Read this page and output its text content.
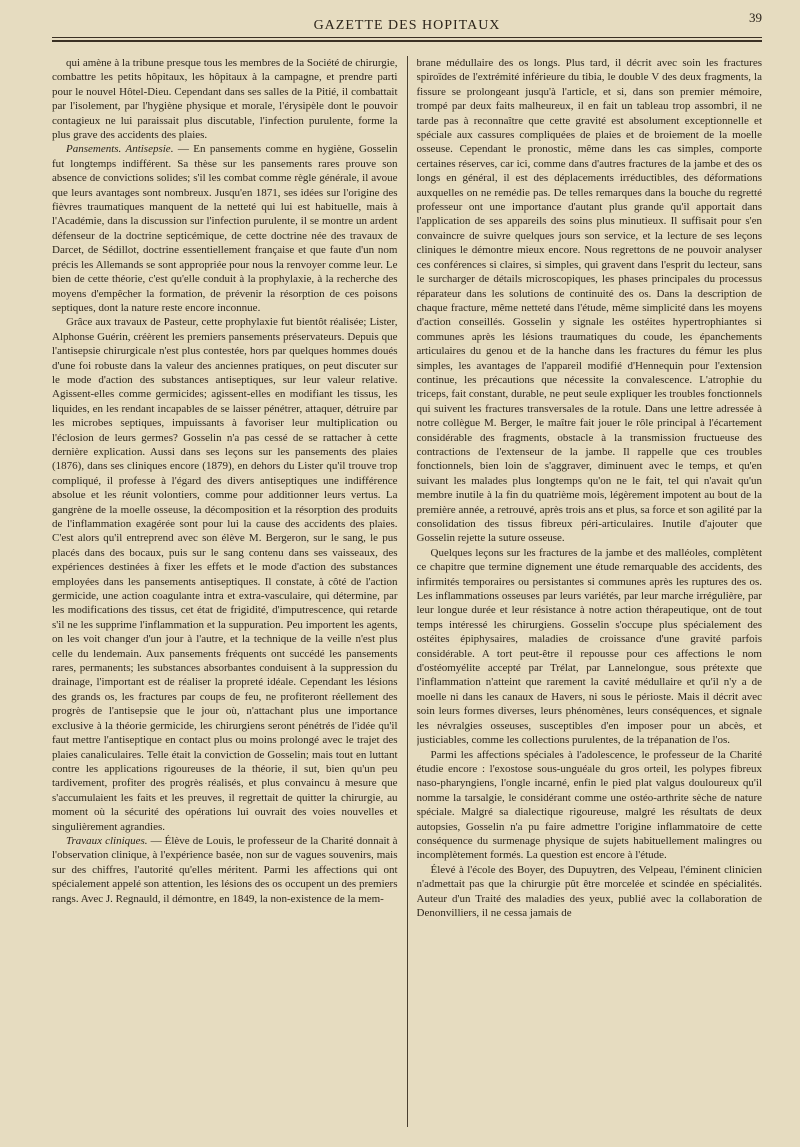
GAZETTE DES HOPITAUX
39

qui amène à la tribune presque tous les membres de la Société de chirurgie, combattre les petits hôpitaux, les hôpitaux à la campagne, et prendre parti pour le nouvel Hôtel-Dieu. Cependant dans ses salles de la Pitié, il combattait par l'isolement, par l'hygiène physique et morale, l'érysipèle dont le pouvoir contagieux ne lui paraissait plus discutable, l'infection purulente, forme la plus grave des accidents des plaies.

Pansements. Antisepsie. — En pansements comme en hygiène, Gosselin fut longtemps indifférent. Sa thèse sur les pansements rares prouve son absence de convictions solides; s'il les combat comme règle générale, il avoue que leurs avantages sont nombreux. Jusqu'en 1871, ses idées sur l'origine des fièvres traumatiques manquent de la netteté qui lui est habituelle, mais à l'Académie, dans la discussion sur l'infection purulente, il se montre un ardent défenseur de la doctrine septicémique, de cette doctrine née des travaux de Darcet, de Sédillot, doctrine essentiellement française et que faute d'un nom précis les Allemands se sont appropriée pour nous la renvoyer comme leur. Le bien de cette théorie, c'est qu'elle conduit à la prophylaxie, à la recherche des moyens d'empêcher la formation, de prévenir la résorption de ces poisons septiques, dont la nature reste encore inconnue.

Grâce aux travaux de Pasteur, cette prophylaxie fut bientôt réalisée; Lister, Alphonse Guérin, créèrent les premiers pansements préservateurs. Depuis que l'antisepsie chirurgicale n'est plus contestée, hors par quelques hommes doués d'une foi robuste dans la valeur des anciennes pratiques, on peut discuter sur le mode d'action des substances antiseptiques, sur leur valeur relative. Agissent-elles comme germicides; agissent-elles en modifiant les tissus, les liquides, en les rendant incapables de se laisser pénétrer, attaquer, détruire par les microbes septiques, impuissants à favoriser leur multiplication ou l'éclosion de leurs germes? Gosselin n'a pas cessé de se rattacher à cette dernière explication. Aussi dans ses leçons sur les pansements des plaies (1876), dans ses cliniques encore (1879), en dehors du Lister qu'il trouve trop compliqué, il professe à l'égard des divers antiseptiques une indifférence absolue et les réunit volontiers, comme pour additionner leurs vertus. La gangrène de la moelle osseuse, la décomposition et la résorption des produits de l'inflammation exagérée sont pour lui la cause des accidents des plaies. C'est alors qu'il entreprend avec son élève M. Bergeron, sur le sang, le pus placés dans des bocaux, puis sur le sang contenu dans ses vaisseaux, des expériences destinées à fixer les effets et le mode d'action des substances employées dans les pansements antiseptiques. Il constate, à côté de l'action germicide, une action coagulante intra et extra-vasculaire, qui détermine, par les modifications des tissus, cet état de frigidité, d'imputrescence, qui retarde s'il ne les supprime l'inflammation et la suppuration. Peu importent les agents, on les voit changer d'un jour à l'autre, et la technique de la veille n'est plus celle du lendemain. Aux pansements fréquents ont succédé les pansements rares, permanents; les substances absorbantes conduisent à la suppression du drainage, l'important est de réaliser la propreté idéale. Cependant les lésions des grands os, les fractures par coups de feu, ne profiteront réellement des progrès de l'antisepsie que le jour où, n'attachant plus une importance exclusive à la théorie germicide, les chirurgiens seront pénétrés de l'idée qu'il faut mettre l'antiseptique en contact plus ou moins prolongé avec le trajet des plaies canaliculaires. Telle était la conviction de Gosselin; mais tout en luttant contre les applications rigoureuses de la théorie, il sut, bien qu'un peu tardivement, profiter des progrès réalisés, et plus convaincu à mesure que s'accumulaient les faits et les preuves, il regrettait de quitter la chirurgie, au moment où la sécurité des opérations lui ouvrait des voies nouvelles et singulièrement agrandies.

Travaux cliniques. — Élève de Louis, le professeur de la Charité donnait à l'observation clinique, à l'expérience basée, non sur de vagues souvenirs, mais sur des chiffres, l'autorité qu'elles méritent. Parmi les affections qui ont spécialement appelé son attention, les lésions des os occupent un des premiers rangs. Avec J. Regnauld, il démontre, en 1849, la non-existence de la mem-

brane médullaire des os longs. Plus tard, il décrit avec soin les fractures spiroïdes de l'extrémité inférieure du tibia, le double V des deux fragments, la fissure se prolongeant jusqu'à l'article, et si, dans son premier mémoire, trompé par deux faits malheureux, il en fait un tableau trop assombri, il ne tarde pas à reconnaître que cette gravité est absolument exceptionnelle et spéciale aux cassures compliquées de plaies et de broiement de la moelle osseuse. Cependant le pronostic, même dans les cas simples, comporte certaines réserves, car ici, comme dans d'autres fractures de la jambe et des os longs en général, il est des déplacements irréductibles, des déformations auxquelles on ne remédie pas. De telles remarques dans la bouche du regretté professeur ont une importance d'autant plus grande qu'il apportait dans l'application de ses appareils des soins plus minutieux. Il suffisait pour s'en convaincre de suivre quelques jours son service, et la lecture de ses leçons cliniques le démontre mieux encore. Nous regrettons de ne pouvoir analyser ces conférences si claires, si simples, qui gravent dans l'esprit du lecteur, sans le surcharger de détails microscopiques, les phases principales du processus réparateur dans les solutions de continuité des os. Dans la description de chaque fracture, même netteté dans l'étude, même simplicité dans les moyens d'action conseillés. Gosselin y signale les ostéites hypertrophiantes si communes après les lésions traumatiques du coude, les épanchements articulaires du genou et de la hanche dans les fractures du fémur les plus simples, les avantages de l'appareil modifié d'Hennequin pour l'extension continue, les précautions que nécessite la convalescence. L'atrophie du triceps, fait constant, durable, ne peut seule expliquer les troubles fonctionnels qui suivent les fractures transversales de la rotule. Dans une lettre adressée à notre collègue M. Berger, le maître fait jouer le rôle principal à l'écartement considérable des fragments, obstacle à la transmission fructueuse des contractions de l'extenseur de la jambe. Il rappelle que ces troubles fonctionnels, bien loin de s'aggraver, diminuent avec le temps, et qu'en suivant les malades plus longtemps qu'on ne le fait, tel qui n'avait qu'un membre inutile à la fin du quatrième mois, légèrement impotent au bout de la première année, a retrouvé, après trois ans et plus, sa force et son agilité par la consolidation des tissus fibreux péri-articulaires. Inutile d'ajouter que Gosselin rejette la suture osseuse.

Quelques leçons sur les fractures de la jambe et des malléoles, complètent ce chapitre que termine dignement une étude remarquable des accidents, des infirmités temporaires ou persistantes si communes après les ruptures des os. Les inflammations osseuses par leurs variétés, par leur marche irrégulière, par leur longue durée et leur résistance à notre action thérapeutique, ont de tout temps intéressé les chirurgiens. Gosselin s'occupe plus spécialement des ostéites épiphysaires, maladies de croissance d'une gravité parfois considérable. A tort peut-être il repousse pour ces affections le nom d'ostéomyélite accepté par Trélat, par Lannelongue, sous prétexte que l'inflammation n'atteint que rarement la cavité médullaire et qu'il n'y a de moelle ni dans les canaux de Havers, ni sous le périoste. Mais il décrit avec soin leurs formes diverses, leurs phénomènes, leurs conséquences, et signale les névralgies osseuses, susceptibles d'en imposer pour un abcès, et justiciables, comme les collections purulentes, de la trépanation de l'os.

Parmi les affections spéciales à l'adolescence, le professeur de la Charité étudie encore : l'exostose sous-unguéale du gros orteil, les polypes fibreux naso-pharyngiens, l'ongle incarné, enfin le pied plat valgus douloureux qu'il nomme la tarsalgie, le considérant comme une ostéo-arthrite sèche de nature spéciale. Malgré sa dialectique rigoureuse, malgré les résultats de deux autopsies, Gosselin n'a pu faire admettre l'origine inflammatoire de cette conséquence du surmenage physique de sujets habituellement malingres ou incomplètement formés. La question est encore à l'étude.

Élevé à l'école des Boyer, des Dupuytren, des Velpeau, l'éminent clinicien n'admettait pas que la chirurgie pût être morcelée et scindée en spécialités. Auteur d'un Traité des maladies des yeux, publié avec la collaboration de Denonvilliers, il ne cessa jamais de
